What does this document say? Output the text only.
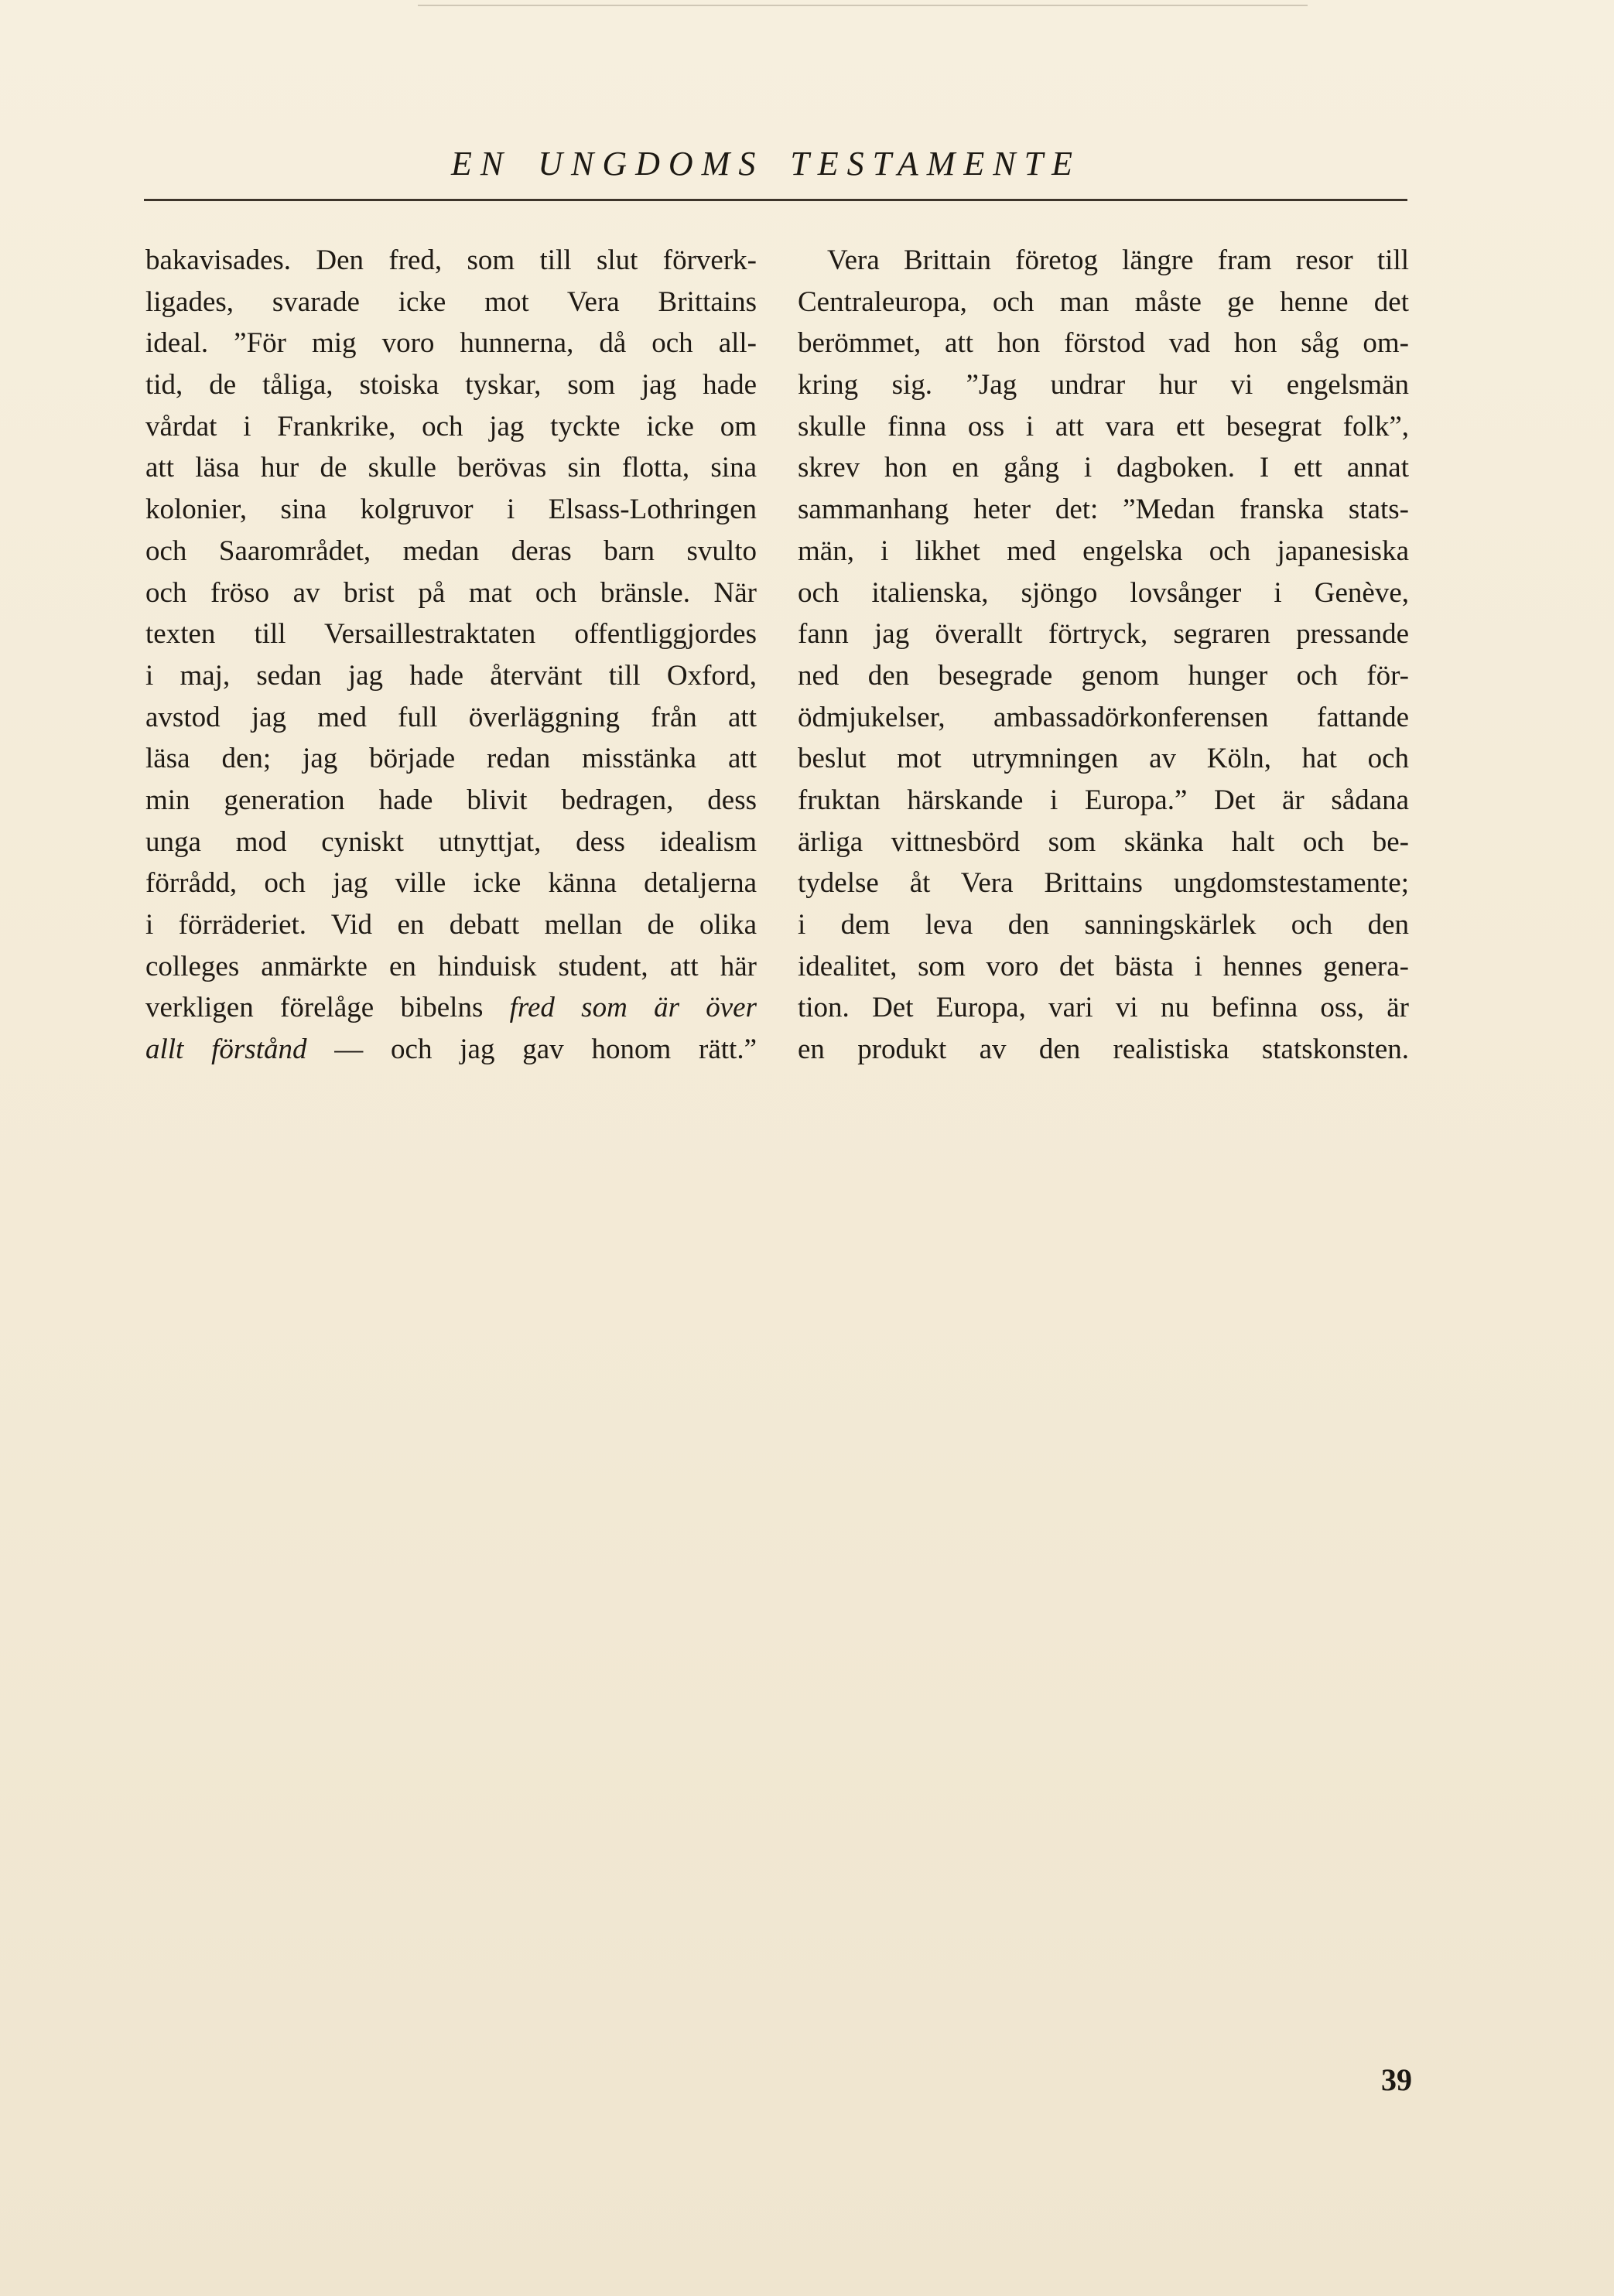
EN UNGDOMS TESTAMENTE
bakavisades. Den fred, som till slut förverk-
ligades, svarade icke mot Vera Brittains
ideal. ”För mig voro hunnerna, då och all-
tid, de tåliga, stoiska tyskar, som jag hade
vårdat i Frankrike, och jag tyckte icke om
att läsa hur de skulle berövas sin flotta, sina
kolonier, sina kolgruvor i Elsass-Lothringen
och Saarområdet, medan deras barn svulto
och fröso av brist på mat och bränsle. När
texten till Versaillestraktaten offentliggjordes
i maj, sedan jag hade återvänt till Oxford,
avstod jag med full överläggning från att
läsa den; jag började redan misstänka att
min generation hade blivit bedragen, dess
unga mod cyniskt utnyttjat, dess idealism
förrådd, och jag ville icke känna detaljerna
i förräderiet. Vid en debatt mellan de olika
colleges anmärkte en hinduisk student, att här
verkligen förelåge bibelns fred som är över
allt förstånd — och jag gav honom rätt.”
Vera Brittain företog längre fram resor till
Centraleuropa, och man måste ge henne det
berömmet, att hon förstod vad hon såg om-
kring sig. ”Jag undrar hur vi engelsmän
skulle finna oss i att vara ett besegrat folk”,
skrev hon en gång i dagboken. I ett annat
sammanhang heter det: ”Medan franska stats-
män, i likhet med engelska och japanesiska
och italienska, sjöngo lovsånger i Genève,
fann jag överallt förtryck, segraren pressande
ned den besegrade genom hunger och för-
ödmjukelser, ambassadörkonferensen fattande
beslut mot utrymningen av Köln, hat och
fruktan härskande i Europa.” Det är sådana
ärliga vittnesbörd som skänka halt och be-
tydelse åt Vera Brittains ungdomstestamente;
i dem leva den sanningskärlek och den
idealitet, som voro det bästa i hennes genera-
tion. Det Europa, vari vi nu befinna oss, är
en produkt av den realistiska statskonsten.
39
